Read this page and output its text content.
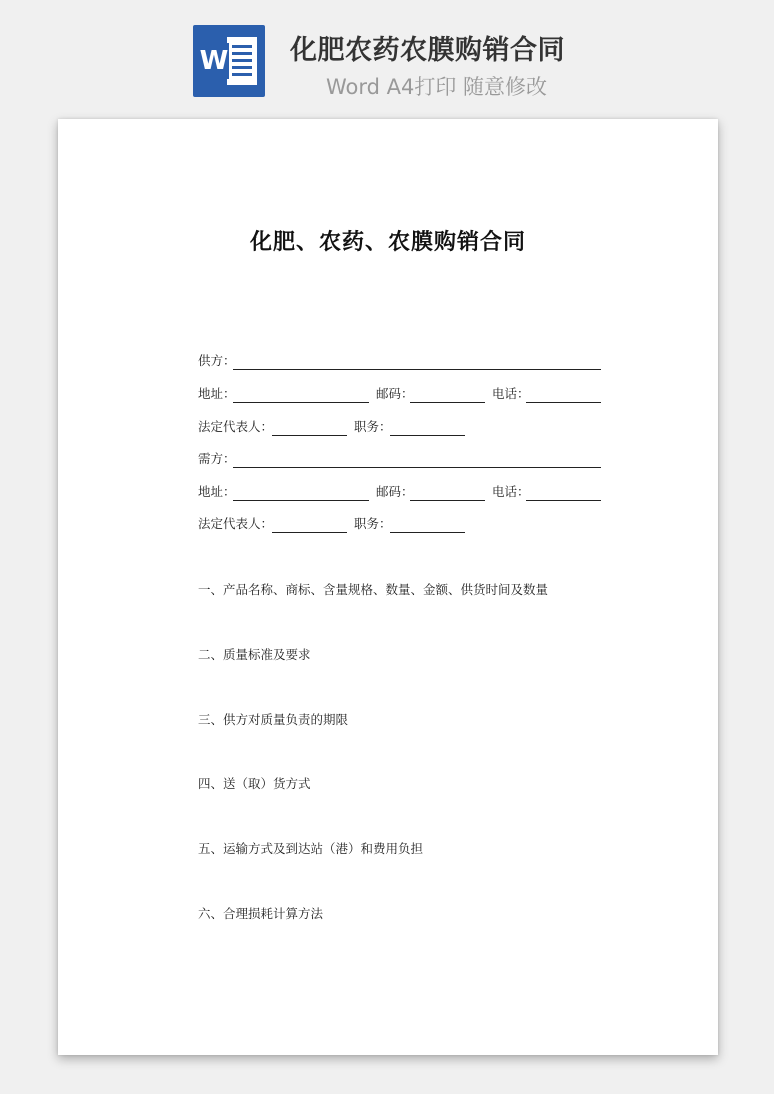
W 化肥农药农膜购销合同
Word A4打印 随意修改
化肥、农药、农膜购销合同
供方：
地址：	邮码：	电话：
法定代表人：	职务：
需方：
地址：	邮码：	电话：
法定代表人：	职务：
一、产品名称、商标、含量规格、数量、金额、供货时间及数量
二、质量标准及要求
三、供方对质量负责的期限
四、送（取）货方式
五、运输方式及到达站（港）和费用负担
六、合理损耗计算方法
